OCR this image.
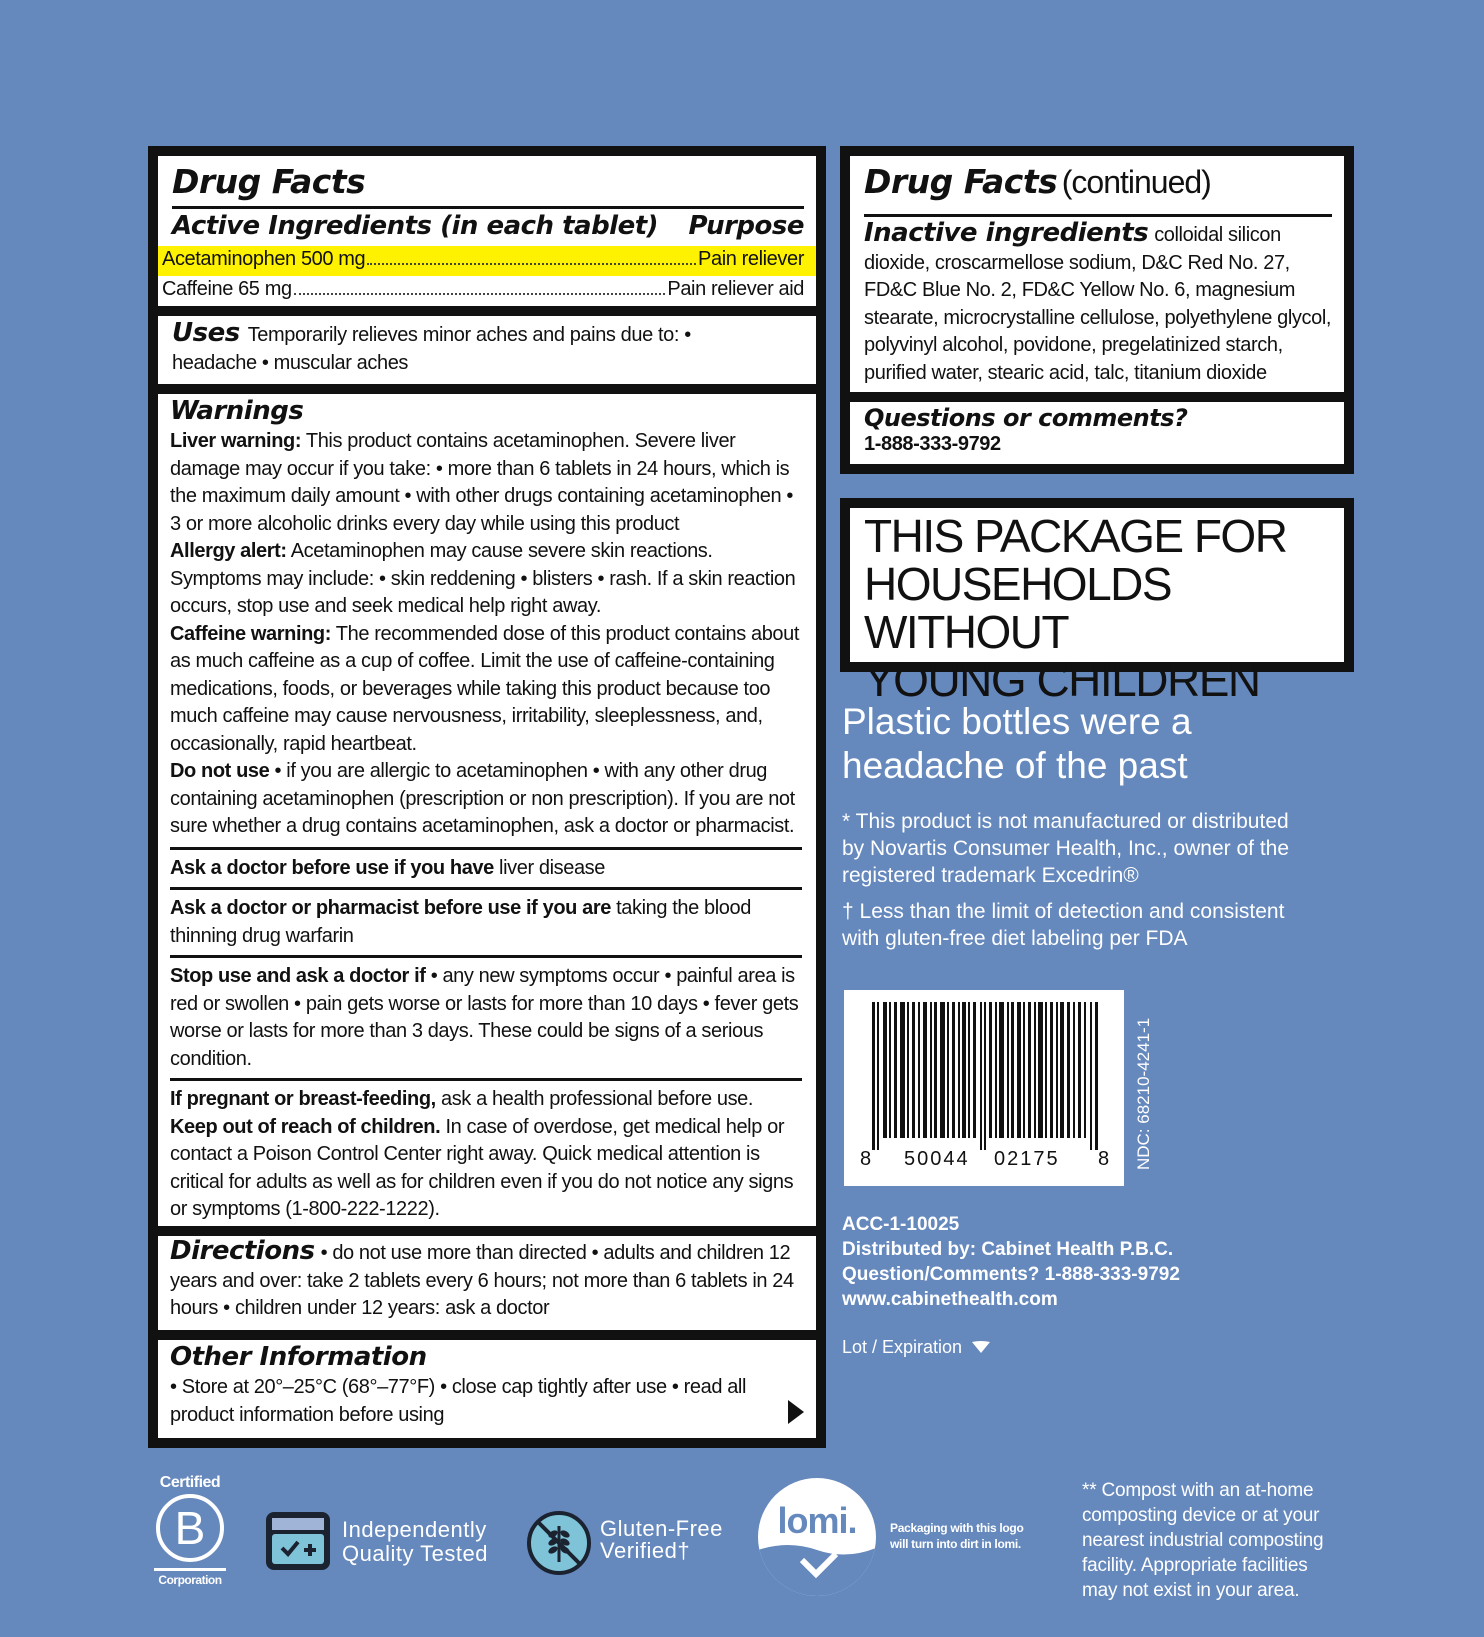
Drug Facts
Active Ingredients (in each tablet) Purpose
Acetaminophen 500 mg	Pain reliever
Caffeine 65 mg	Pain reliever aid
Uses Temporarily relieves minor aches and pains due to: • headache • muscular aches
Warnings
Liver warning: This product contains acetaminophen. Severe liver damage may occur if you take: • more than 6 tablets in 24 hours, which is the maximum daily amount • with other drugs containing acetaminophen • 3 or more alcoholic drinks every day while using this product
Allergy alert: Acetaminophen may cause severe skin reactions. Symptoms may include: • skin reddening • blisters • rash. If a skin reaction occurs, stop use and seek medical help right away.
Caffeine warning: The recommended dose of this product contains about as much caffeine as a cup of coffee. Limit the use of caffeine-containing medications, foods, or beverages while taking this product because too much caffeine may cause nervousness, irritability, sleeplessness, and, occasionally, rapid heartbeat.
Do not use • if you are allergic to acetaminophen • with any other drug containing acetaminophen (prescription or non prescription). If you are not sure whether a drug contains acetaminophen, ask a doctor or pharmacist.
Ask a doctor before use if you have liver disease
Ask a doctor or pharmacist before use if you are taking the blood thinning drug warfarin
Stop use and ask a doctor if • any new symptoms occur • painful area is red or swollen • pain gets worse or lasts for more than 10 days • fever gets worse or lasts for more than 3 days. These could be signs of a serious condition.
If pregnant or breast-feeding, ask a health professional before use.
Keep out of reach of children. In case of overdose, get medical help or contact a Poison Control Center right away. Quick medical attention is critical for adults as well as for children even if you do not notice any signs or symptoms (1-800-222-1222).
Directions • do not use more than directed • adults and children 12 years and over: take 2 tablets every 6 hours; not more than 6 tablets in 24 hours • children under 12 years: ask a doctor
Other Information
• Store at 20°–25°C (68°–77°F) • close cap tightly after use • read all product information before using
Drug Facts (continued)
Inactive ingredients colloidal silicon dioxide, croscarmellose sodium, D&C Red No. 27, FD&C Blue No. 2, FD&C Yellow No. 6, magnesium stearate, microcrystalline cellulose, polyethylene glycol, polyvinyl alcohol, povidone, pregelatinized starch, purified water, stearic acid, talc, titanium dioxide
Questions or comments?
1-888-333-9792
THIS PACKAGE FOR
HOUSEHOLDS WITHOUT
YOUNG CHILDREN
Plastic bottles were a
headache of the past
* This product is not manufactured or distributed
by Novartis Consumer Health, Inc., owner of the
registered trademark Excedrin®
† Less than the limit of detection and consistent
with gluten-free diet labeling per FDA
8 50044 02175 8 NDC: 68210-4241-1
ACC-1-10025
Distributed by: Cabinet Health P.B.C.
Question/Comments? 1-888-333-9792
www.cabinethealth.com
Lot / Expiration
Certified
B
Corporation
Independently
Quality Tested
Gluten-Free
Verified†
lomi.	Packaging with this logo
will turn into dirt in lomi.
** Compost with an at-home
composting device or at your
nearest industrial composting
facility. Appropriate facilities
may not exist in your area.
